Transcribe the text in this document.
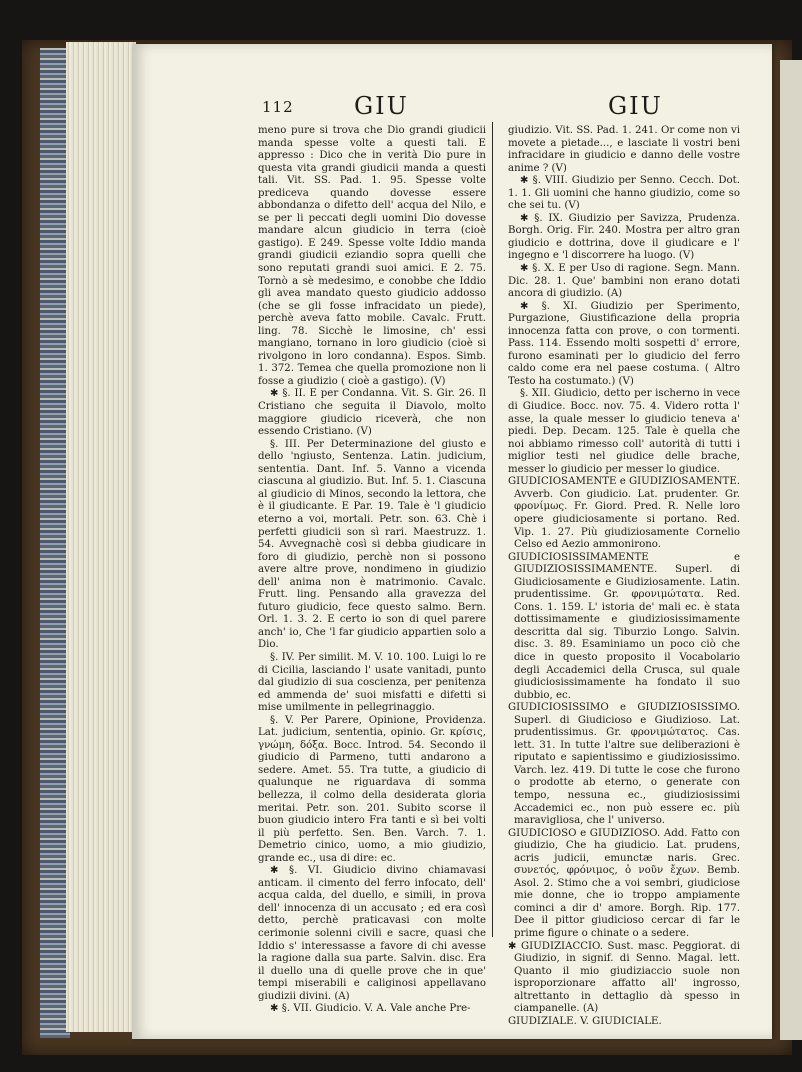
112	GIU	GIU

meno pure si trova che Dio grandi giudicii manda spesse volte a questi tali. E appresso : Dico che in verità Dio pure in questa vita grandi giudicii manda a questi tali. Vit. SS. Pad. 1. 95. Spesse volte prediceva quando dovesse essere abbondanza o difetto dell' acqua del Nilo, e se per li peccati degli uomini Dio dovesse mandare alcun giudicio in terra (cioè gastigo). E 249. Spesse volte Iddio manda grandi giudicii eziandio sopra quelli che sono reputati grandi suoi amici. E 2. 75. Tornò a sè medesimo, e conobbe che Iddio gli avea mandato questo giudicio addosso (che se gli fosse infracidato un piede), perchè aveva fatto mobile. Cavalc. Frutt. ling. 78. Sicchè le limosine, ch' essi mangiano, tornano in loro giudicio (cioè si rivolgono in loro condanna). Espos. Simb. 1. 372. Temea che quella promozione non li fosse a giudizio ( cioè a gastigo). (V)

✱ §. II. E per Condanna. Vit. S. Gir. 26. Il Cristiano che seguita il Diavolo, molto maggiore giudicio riceverà, che non essendo Cristiano. (V)

§. III. Per Determinazione del giusto e dello 'ngiusto, Sentenza. Latin. judicium, sententia. Dant. Inf. 5. Vanno a vicenda ciascuna al giudizio. But. Inf. 5. 1. Ciascuna al giudicio di Minos, secondo la lettora, che è il giudicante. E Par. 19. Tale è 'l giudicio eterno a voi, mortali. Petr. son. 63. Chè i perfetti giudicii son sì rari. Maestruzz. 1. 54. Avvegnachè così si debba giudicare in foro di giudizio, perchè non si possono avere altre prove, nondimeno in giudizio dell' anima non è matrimonio. Cavalc. Frutt. ling. Pensando alla gravezza del futuro giudicio, fece questo salmo. Bern. Orl. 1. 3. 2. E certo io son di quel parere anch' io, Che 'l far giudicio appartien solo a Dio.

§. IV. Per similit. M. V. 10. 100. Luigi lo re di Cicilia, lasciando l' usate vanitadi, punto dal giudizio di sua coscienza, per penitenza ed ammenda de' suoi misfatti e difetti si mise umilmente in pellegrinaggio.

§. V. Per Parere, Opinione, Providenza. Lat. judicium, sententia, opinio. Gr. κρίσις, γνώμη, δόξα. Bocc. Introd. 54. Secondo il giudicio di Parmeno, tutti andarono a sedere. Amet. 55. Tra tutte, a giudicio di qualunque ne riguardava di somma bellezza, il colmo della desiderata gloria meritai. Petr. son. 201. Subito scorse il buon giudicio intero Fra tanti e sì bei volti il più perfetto. Sen. Ben. Varch. 7. 1. Demetrio cinico, uomo, a mio giudizio, grande ec., usa di dire: ec.

✱ §. VI. Giudicio divino chiamavasi anticam. il cimento del ferro infocato, dell' acqua calda, del duello, e simili, in prova dell' innocenza di un accusato ; ed era così detto, perchè praticavasi con molte cerimonie solenni civili e sacre, quasi che Iddio s' interessasse a favore di chi avesse la ragione dalla sua parte. Salvin. disc. Era il duello una di quelle prove che in que' tempi miserabili e caliginosi appellavano giudizii divini. (A)

✱ §. VII. Giudicio. V. A. Vale anche Pre-

giudizio. Vit. SS. Pad. 1. 241. Or come non vi movete a pietade..., e lasciate li vostri beni infracidare in giudicio e danno delle vostre anime ? (V)

✱ §. VIII. Giudizio per Senno. Cecch. Dot. 1. 1. Gli uomini che hanno giudizio, come so che sei tu. (V)

✱ §. IX. Giudizio per Savizza, Prudenza. Borgh. Orig. Fir. 240. Mostra per altro gran giudicio e dottrina, dove il giudicare e l' ingegno e 'l discorrere ha luogo. (V)

✱ §. X. E per Uso di ragione. Segn. Mann. Dic. 28. 1. Que' bambini non erano dotati ancora di giudizio. (A)

✱ §. XI. Giudizio per Sperimento, Purgazione, Giustificazione della propria innocenza fatta con prove, o con tormenti. Pass. 114. Essendo molti sospetti d' errore, furono esaminati per lo giudicio del ferro caldo come era nel paese costuma. ( Altro Testo ha costumato.) (V)

§. XII. Giudicio, detto per ischerno in vece di Giudice. Bocc. nov. 75. 4. Videro rotta l' asse, la quale messer lo giudicio teneva a' piedi. Dep. Decam. 125. Tale è quella che noi abbiamo rimesso coll' autorità di tutti i miglior testi nel giudice delle brache, messer lo giudicio per messer lo giudice.

GIUDICIOSAMENTE e GIUDIZIOSAMENTE. Avverb. Con giudicio. Lat. prudenter. Gr. φρονίμως. Fr. Giord. Pred. R. Nelle loro opere giudiciosamente si portano. Red. Vip. 1. 27. Più giudiziosamente Cornelio Celso ed Aezio ammonirono.

GIUDICIOSISSIMAMENTE e GIUDIZIOSISSIMAMENTE. Superl. di Giudiciosamente e Giudiziosamente. Latin. prudentissime. Gr. φρονιμώτατα. Red. Cons. 1. 159. L' istoria de' mali ec. è stata dottissimamente e giudiziosissimamente descritta dal sig. Tiburzio Longo. Salvin. disc. 3. 89. Esaminiamo un poco ciò che dice in questo proposito il Vocabolario degli Accademici della Crusca, sul quale giudiciosissimamente ha fondato il suo dubbio, ec.

GIUDICIOSISSIMO e GIUDIZIOSISSIMO. Superl. di Giudicioso e Giudizioso. Lat. prudentissimus. Gr. φρονιμώτατος. Cas. lett. 31. In tutte l'altre sue deliberazioni è riputato e sapientissimo e giudiziosissimo. Varch. lez. 419. Di tutte le cose che furono o prodotte ab eterno, o generate con tempo, nessuna ec., giudiziosissimi Accademici ec., non può essere ec. più maravigliosa, che l' universo.

GIUDICIOSO e GIUDIZIOSO. Add. Fatto con giudizio, Che ha giudicio. Lat. prudens, acris judicii, emunctæ naris. Grec. συνετός, φρόνιμος, ὁ νοῦν ἔχων. Bemb. Asol. 2. Stimo che a voi sembri, giudiciose mie donne, che io troppo ampiamente cominci a dir d' amore. Borgh. Rip. 177. Dee il pittor giudicioso cercar di far le prime figure o chinate o a sedere.

✱ GIUDIZIACCIO. Sust. masc. Peggiorat. di Giudizio, in signif. di Senno. Magal. lett. Quanto il mio giudiziaccio suole non isproporzionare affatto all' ingrosso, altrettanto in dettaglio dà spesso in ciampanelle. (A)

GIUDIZIALE. V. GIUDICIALE.
